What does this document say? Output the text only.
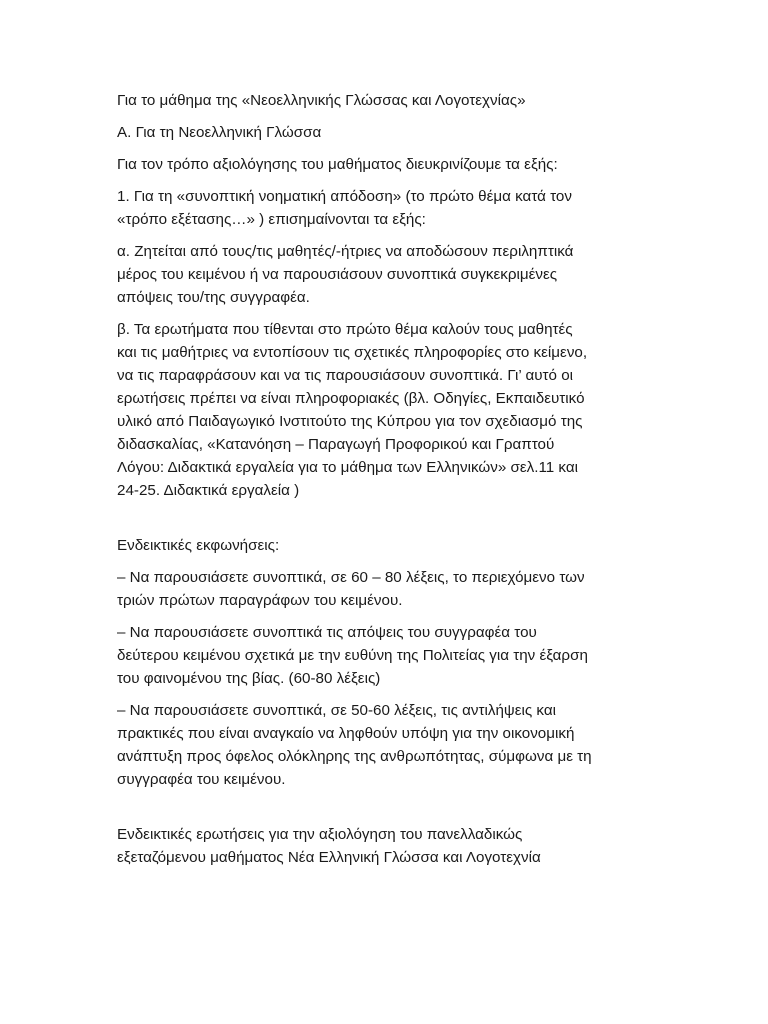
Για το μάθημα της «Νεοελληνικής Γλώσσας και Λογοτεχνίας»

Α. Για τη Νεοελληνική Γλώσσα

Για τον τρόπο αξιολόγησης του μαθήματος διευκρινίζουμε τα εξής:

1. Για τη «συνοπτική νοηματική απόδοση» (το πρώτο θέμα κατά τον
«τρόπο εξέτασης…» ) επισημαίνονται τα εξής:

α. Ζητείται από τους/τις μαθητές/-ήτριες να αποδώσουν περιληπτικά
μέρος του κειμένου ή να παρουσιάσουν συνοπτικά συγκεκριμένες
απόψεις του/της συγγραφέα.

β. Τα ερωτήματα που τίθενται στο πρώτο θέμα καλούν τους μαθητές
και τις μαθήτριες να εντοπίσουν τις σχετικές πληροφορίες στο κείμενο,
να τις παραφράσουν και να τις παρουσιάσουν συνοπτικά. Γι’ αυτό οι
ερωτήσεις πρέπει να είναι πληροφοριακές (βλ. Οδηγίες, Εκπαιδευτικό
υλικό από Παιδαγωγικό Ινστιτούτο της Κύπρου για τον σχεδιασμό της
διδασκαλίας, «Κατανόηση – Παραγωγή Προφορικού και Γραπτού
Λόγου: Διδακτικά εργαλεία για το μάθημα των Ελληνικών» σελ.11 και
24-25. Διδακτικά εργαλεία )

Ενδεικτικές εκφωνήσεις:

– Να παρουσιάσετε συνοπτικά, σε 60 – 80 λέξεις, το περιεχόμενο των
τριών πρώτων παραγράφων του κειμένου.

– Να παρουσιάσετε συνοπτικά τις απόψεις του συγγραφέα του
δεύτερου κειμένου σχετικά με την ευθύνη της Πολιτείας για την έξαρση
του φαινομένου της βίας. (60-80 λέξεις)

– Να παρουσιάσετε συνοπτικά, σε 50-60 λέξεις, τις αντιλήψεις και
πρακτικές που είναι αναγκαίο να ληφθούν υπόψη για την οικονομική
ανάπτυξη προς όφελος ολόκληρης της ανθρωπότητας, σύμφωνα με τη
συγγραφέα του κειμένου.

Ενδεικτικές ερωτήσεις για την αξιολόγηση του πανελλαδικώς
εξεταζόμενου μαθήματος Νέα Ελληνική Γλώσσα και Λογοτεχνία
